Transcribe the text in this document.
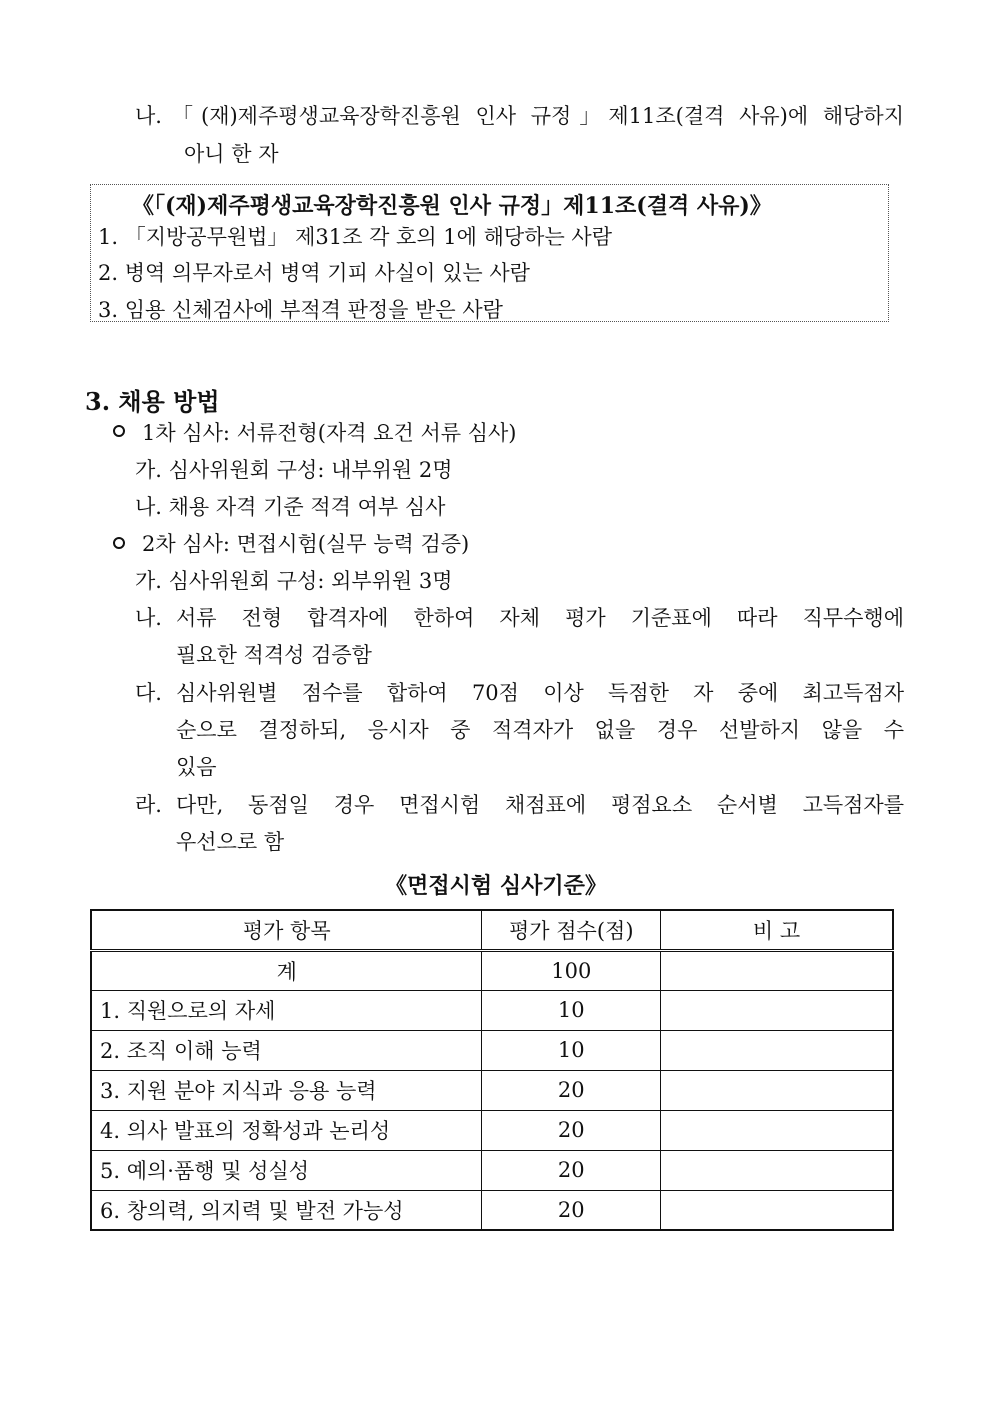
나. 「(재)제주평생교육장학진흥원 인사 규정」제11조(결격 사유)에 해당하지
아니 한 자
《「(재)제주평생교육장학진흥원 인사 규정」제11조(결격 사유)》
1. 「지방공무원법」 제31조 각 호의 1에 해당하는 사람
2. 병역 의무자로서 병역 기피 사실이 있는 사람
3. 임용 신체검사에 부적격 판정을 받은 사람
3. 채용 방법
1차 심사: 서류전형(자격 요건 서류 심사)
가. 심사위원회 구성: 내부위원 2명
나. 채용 자격 기준 적격 여부 심사
2차 심사: 면접시험(실무 능력 검증)
가. 심사위원회 구성: 외부위원 3명
나. 서류 전형 합격자에 한하여 자체 평가 기준표에 따라 직무수행에
필요한 적격성 검증함
다. 심사위원별 점수를 합하여 70점 이상 득점한 자 중에 최고득점자
순으로 결정하되, 응시자 중 적격자가 없을 경우 선발하지 않을 수
있음
라. 다만, 동점일 경우 면접시험 채점표에 평점요소 순서별 고득점자를
우선으로 함
《면접시험 심사기준》
평가 항목	평가 점수(점)	비 고
계	100	
1. 직원으로의 자세	10	
2. 조직 이해 능력	10	
3. 지원 분야 지식과 응용 능력	20	
4. 의사 발표의 정확성과 논리성	20	
5. 예의·품행 및 성실성	20	
6. 창의력, 의지력 및 발전 가능성	20	
